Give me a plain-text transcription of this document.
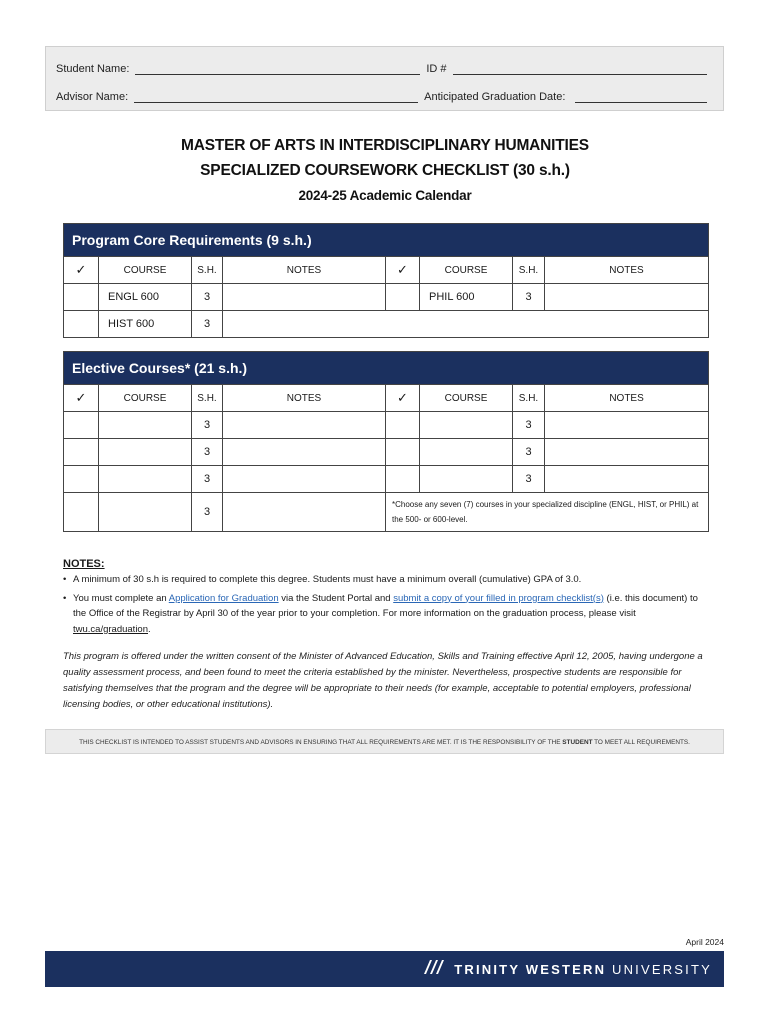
Student Name:	ID #
Advisor Name:	Anticipated Graduation Date:
MASTER OF ARTS IN INTERDISCIPLINARY HUMANITIES
SPECIALIZED COURSEWORK CHECKLIST (30 s.h.)
2024-25 Academic Calendar
Program Core Requirements (9 s.h.)							
✓	COURSE	S.H.	NOTES	✓	COURSE	S.H.	NOTES
	ENGL 600	3			PHIL 600	3	
	HIST 600	3					
Elective Courses* (21 s.h.)							
✓	COURSE	S.H.	NOTES	✓	COURSE	S.H.	NOTES
		3				3	
		3				3	
		3				3	
		3		*Choose any seven (7) courses in your specialized discipline (ENGL, HIST, or PHIL) at the 500- or 600-level.			
NOTES:
• A minimum of 30 s.h is required to complete this degree. Students must have a minimum overall (cumulative) GPA of 3.0.
• You must complete an Application for Graduation via the Student Portal and submit a copy of your filled in program checklist(s) (i.e. this document) to the Office of the Registrar by April 30 of the year prior to your completion. For more information on the graduation process, please visit twu.ca/graduation.

This program is offered under the written consent of the Minister of Advanced Education, Skills and Training effective April 12, 2005, having undergone a quality assessment process, and been found to meet the criteria established by the minister. Nevertheless, prospective students are responsible for satisfying themselves that the program and the degree will be appropriate to their needs (for example, acceptable to potential employers, professional licensing bodies, or other educational institutions).

THIS CHECKLIST IS INTENDED TO ASSIST STUDENTS AND ADVISORS IN ENSURING THAT ALL REQUIREMENTS ARE MET. IT IS THE RESPONSIBILITY OF THE STUDENT TO MEET ALL REQUIREMENTS.
April 2024
TRINITY WESTERN UNIVERSITY
